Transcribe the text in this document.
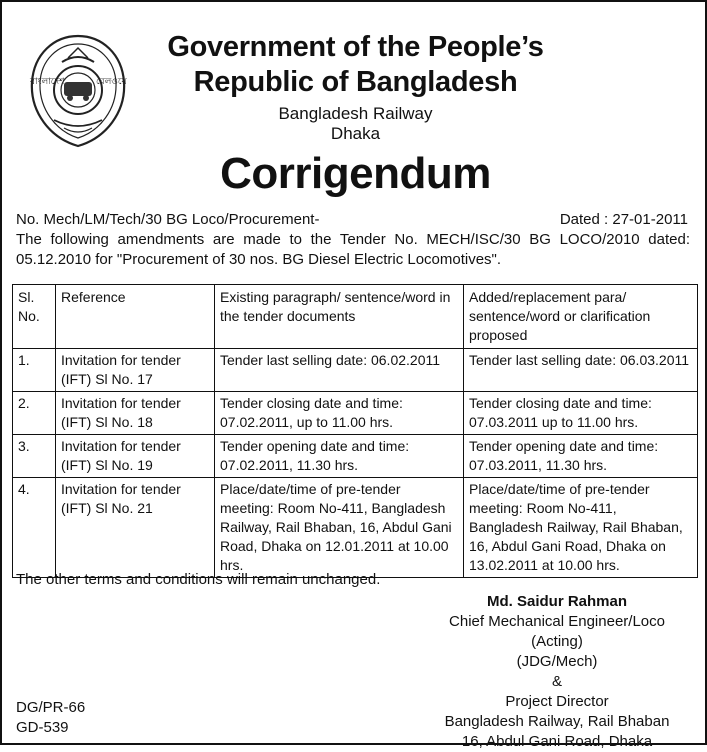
বাংলাদেশ	রেলওয়ে
Government of the People’s
Republic of Bangladesh
Bangladesh Railway
Dhaka
Corrigendum
No. Mech/LM/Tech/30 BG Loco/Procurement-	Dated : 27-01-2011
The following amendments are made to the Tender No. MECH/ISC/30 BG LOCO/2010 dated: 05.12.2010 for "Procurement of 30 nos. BG Diesel Electric Locomotives".
Sl. No.	Reference	Existing paragraph/ sentence/word in the tender documents	Added/replacement para/ sentence/word or clarification proposed
1.	Invitation for tender (IFT) Sl No. 17	Tender last selling date: 06.02.2011	Tender last selling date: 06.03.2011
2.	Invitation for tender (IFT) Sl No. 18	Tender closing date and time: 07.02.2011, up to 11.00 hrs.	Tender closing date and time: 07.03.2011 up to 11.00 hrs.
3.	Invitation for tender (IFT) Sl No. 19	Tender opening date and time: 07.02.2011, 11.30 hrs.	Tender opening date and time: 07.03.2011, 11.30 hrs.
4.	Invitation for tender (IFT) Sl No. 21	Place/date/time of pre-tender meeting: Room No-411, Bangladesh Railway, Rail Bhaban, 16, Abdul Gani Road, Dhaka on 12.01.2011 at 10.00 hrs.	Place/date/time of pre-tender meeting: Room No-411, Bangladesh Railway, Rail Bhaban, 16, Abdul Gani Road, Dhaka on 13.02.2011 at 10.00 hrs.
The other terms and conditions will remain unchanged.
Md. Saidur Rahman
Chief Mechanical Engineer/Loco (Acting)
(JDG/Mech)
&
Project Director
Bangladesh Railway, Rail Bhaban
16, Abdul Gani Road, Dhaka
DG/PR-66
GD-539
